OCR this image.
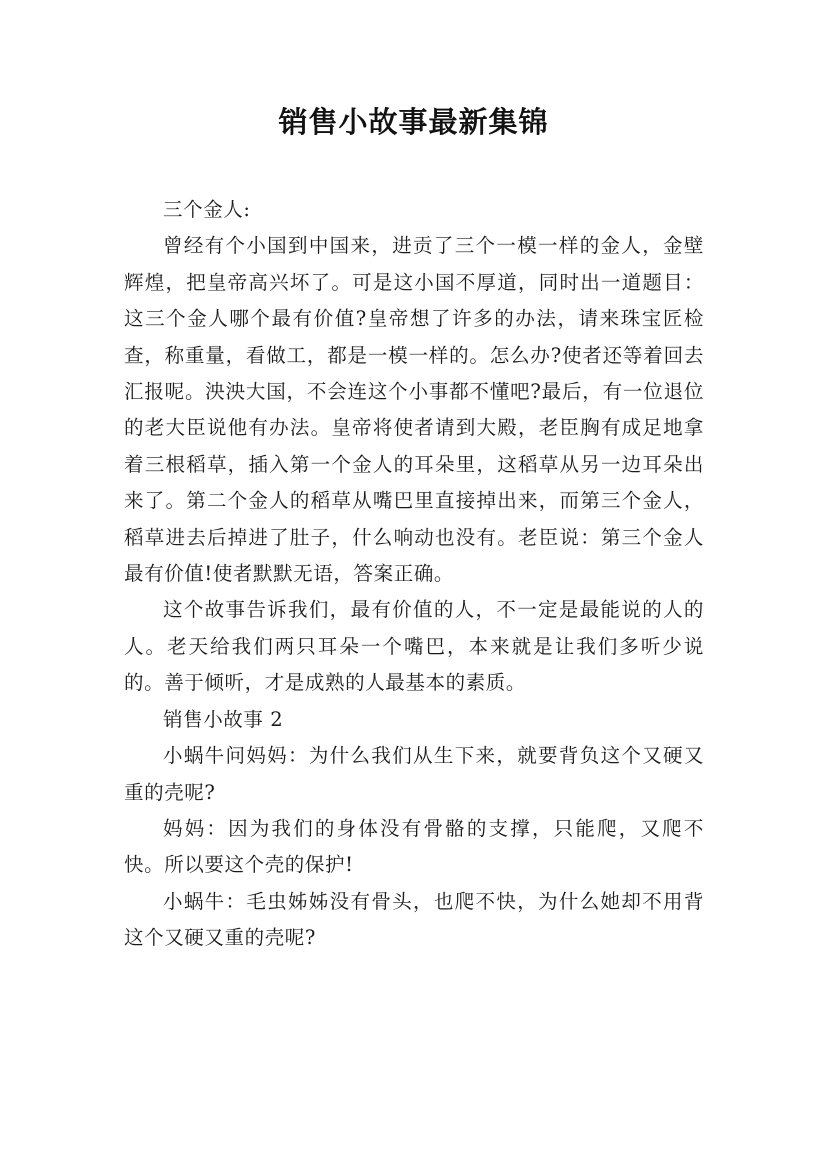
销售小故事最新集锦

三个金人:

曾经有个小国到中国来，进贡了三个一模一样的金人，金壁辉煌，把皇帝高兴坏了。可是这小国不厚道，同时出一道题目：这三个金人哪个最有价值?皇帝想了许多的办法，请来珠宝匠检查，称重量，看做工，都是一模一样的。怎么办?使者还等着回去汇报呢。泱泱大国，不会连这个小事都不懂吧?最后，有一位退位的老大臣说他有办法。皇帝将使者请到大殿，老臣胸有成足地拿着三根稻草，插入第一个金人的耳朵里，这稻草从另一边耳朵出来了。第二个金人的稻草从嘴巴里直接掉出来，而第三个金人，稻草进去后掉进了肚子，什么响动也没有。老臣说：第三个金人最有价值!使者默默无语，答案正确。

这个故事告诉我们，最有价值的人，不一定是最能说的人的人。老天给我们两只耳朵一个嘴巴，本来就是让我们多听少说的。善于倾听，才是成熟的人最基本的素质。

销售小故事 2

小蜗牛问妈妈：为什么我们从生下来，就要背负这个又硬又重的壳呢?

妈妈：因为我们的身体没有骨骼的支撑，只能爬，又爬不快。所以要这个壳的保护!

小蜗牛：毛虫姊姊没有骨头，也爬不快，为什么她却不用背这个又硬又重的壳呢?
